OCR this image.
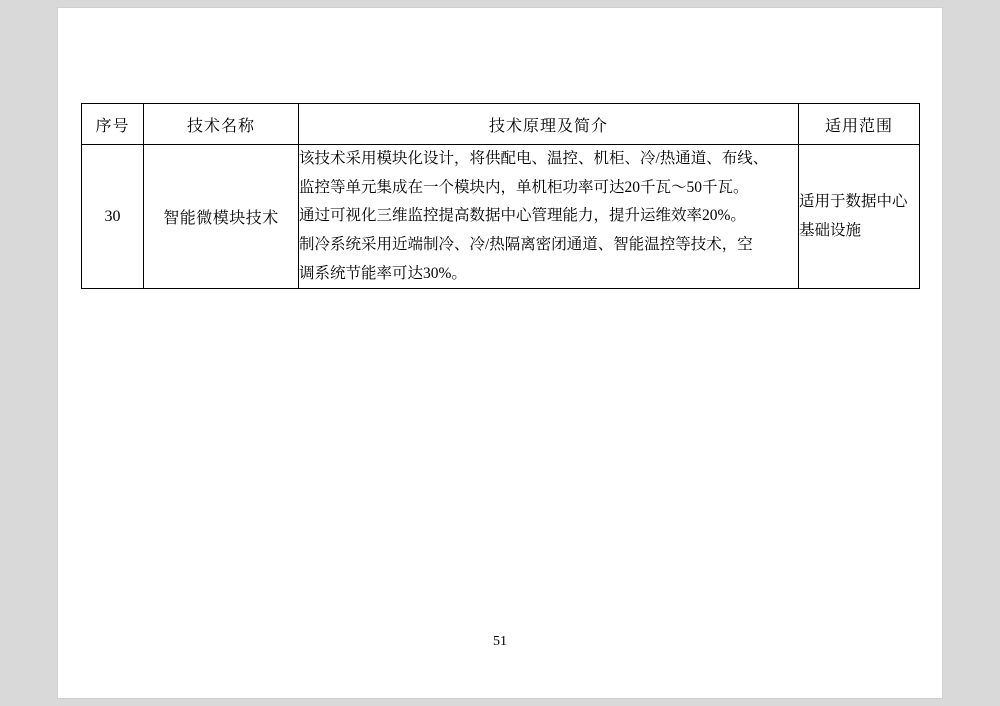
序号	技术名称	技术原理及简介	适用范围
30	智能微模块技术	该技术采用模块化设计，将供配电、温控、机柜、冷/热通道、布线、
监控等单元集成在一个模块内，单机柜功率可达20千瓦～50千瓦。
通过可视化三维监控提高数据中心管理能力，提升运维效率20%。
制冷系统采用近端制冷、冷/热隔离密闭通道、智能温控等技术，空
调系统节能率可达30%。	适用于数据中心
基础设施
51
